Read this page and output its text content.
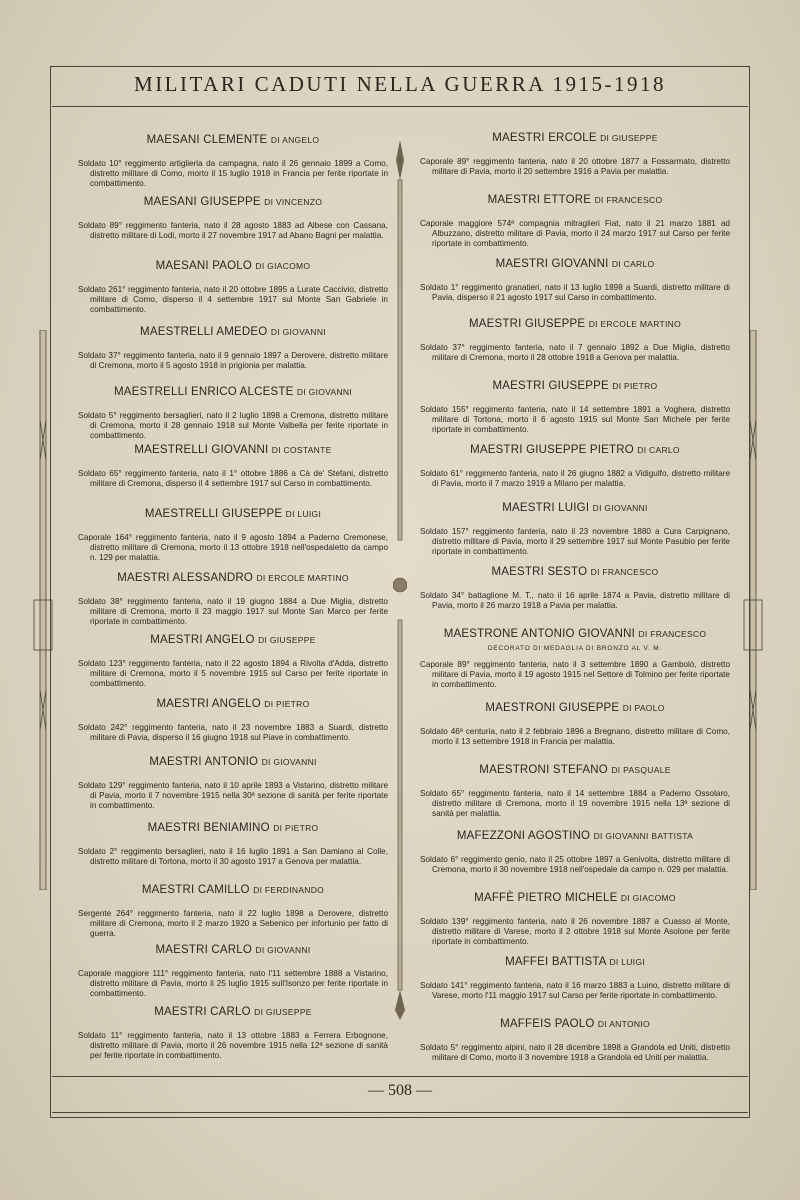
MILITARI CADUTI NELLA GUERRA 1915-1918
MAESANI CLEMENTE DI ANGELO
Soldato 10° reggimento artiglieria da campagna, nato il 26 gennaio 1899 a Como, distretto militare di Como, morto il 15 luglio 1918 in Francia per ferite riportate in combattimento.
MAESANI GIUSEPPE DI VINCENZO
Soldato 89° reggimento fanteria, nato il 28 agosto 1883 ad Albese con Cassana, distretto militare di Lodi, morto il 27 novembre 1917 ad Abano Bagni per malattia.
MAESANI PAOLO DI GIACOMO
Soldato 261° reggimento fanteria, nato il 20 ottobre 1895 a Lurate Caccivio, distretto militare di Como, disperso il 4 settembre 1917 sul Monte San Gabriele in combattimento.
MAESTRELLI AMEDEO DI GIOVANNI
Soldato 37° reggimento fanteria, nato il 9 gennaio 1897 a Derovere, distretto militare di Cremona, morto il 5 agosto 1918 in prigionia per malattia.
MAESTRELLI ENRICO ALCESTE DI GIOVANNI
Soldato 5° reggimento bersaglieri, nato il 2 luglio 1898 a Cremona, distretto militare di Cremona, morto il 28 gennaio 1918 sul Monte Valbella per ferite riportate in combattimento.
MAESTRELLI GIOVANNI DI COSTANTE
Soldato 65° reggimento fanteria, nato il 1° ottobre 1886 a Cà de' Stefani, distretto militare di Cremona, disperso il 4 settembre 1917 sul Carso in combattimento.
MAESTRELLI GIUSEPPE DI LUIGI
Caporale 164° reggimento fanteria, nato il 9 agosto 1894 a Paderno Cremonese, distretto militare di Cremona, morto il 13 ottobre 1918 nell'ospedaletto da campo n. 129 per malattia.
MAESTRI ALESSANDRO DI ERCOLE MARTINO
Soldato 38° reggimento fanteria, nato il 19 giugno 1884 a Due Miglia, distretto militare di Cremona, morto il 23 maggio 1917 sul Monte San Marco per ferite riportate in combattimento.
MAESTRI ANGELO DI GIUSEPPE
Soldato 123° reggimento fanteria, nato il 22 agosto 1894 a Rivolta d'Adda, distretto militare di Cremona, morto il 5 novembre 1915 sul Carso per ferite riportate in combattimento.
MAESTRI ANGELO DI PIETRO
Soldato 242° reggimento fanteria, nato il 23 novembre 1883 a Suardi, distretto militare di Pavia, disperso il 16 giugno 1918 sul Piave in combattimento.
MAESTRI ANTONIO DI GIOVANNI
Soldato 129° reggimento fanteria, nato il 10 aprile 1893 a Vistarino, distretto militare di Pavia, morto il 7 novembre 1915 nella 30ª sezione di sanità per ferite riportate in combattimento.
MAESTRI BENIAMINO DI PIETRO
Soldato 2° reggimento bersaglieri, nato il 16 luglio 1891 a San Damiano al Colle, distretto militare di Tortona, morto il 30 agosto 1917 a Genova per malattia.
MAESTRI CAMILLO DI FERDINANDO
Sergente 264° reggimento fanteria, nato il 22 luglio 1898 a Derovere, distretto militare di Cremona, morto il 2 marzo 1920 a Sebenico per infortunio per fatto di guerra.
MAESTRI CARLO DI GIOVANNI
Caporale maggiore 111° reggimento fanteria, nato l'11 settembre 1888 a Vistarino, distretto militare di Pavia, morto il 25 luglio 1915 sull'Isonzo per ferite riportate in combattimento.
MAESTRI CARLO DI GIUSEPPE
Soldato 11° reggimento fanteria, nato il 13 ottobre 1883 a Ferrera Erbognone, distretto militare di Pavia, morto il 26 novembre 1915 nella 12ª sezione di sanità per ferite riportate in combattimento.
MAESTRI ERCOLE DI GIUSEPPE
Caporale 89° reggimento fanteria, nato il 20 ottobre 1877 a Fossarmato, distretto militare di Pavia, morto il 20 settembre 1916 a Pavia per malattia.
MAESTRI ETTORE DI FRANCESCO
Caporale maggiore 574ª compagnia mitraglieri Fiat, nato il 21 marzo 1881 ad Albuzzano, distretto militare di Pavia, morto il 24 marzo 1917 sul Carso per ferite riportate in combattimento.
MAESTRI GIOVANNI DI CARLO
Soldato 1° reggimento granatieri, nato il 13 luglio 1898 a Suardi, distretto militare di Pavia, disperso il 21 agosto 1917 sul Carso in combattimento.
MAESTRI GIUSEPPE DI ERCOLE MARTINO
Soldato 37° reggimento fanteria, nato il 7 gennaio 1892 a Due Miglia, distretto militare di Cremona, morto il 28 ottobre 1918 a Genova per malattia.
MAESTRI GIUSEPPE DI PIETRO
Soldato 155° reggimento fanteria, nato il 14 settembre 1891 a Voghera, distretto militare di Tortona, morto il 6 agosto 1915 sul Monte San Michele per ferite riportate in combattimento.
MAESTRI GIUSEPPE PIETRO DI CARLO
Soldato 61° reggimento fanteria, nato il 26 giugno 1882 a Vidigulfo, distretto militare di Pavia, morto il 7 marzo 1919 a Milano per malattia.
MAESTRI LUIGI DI GIOVANNI
Soldato 157° reggimento fanteria, nato il 23 novembre 1880 a Cura Carpignano, distretto militare di Pavia, morto il 29 settembre 1917 sul Monte Pasubio per ferite riportate in combattimento.
MAESTRI SESTO DI FRANCESCO
Soldato 34° battaglione M. T., nato il 16 aprile 1874 a Pavia, distretto militare di Pavia, morto il 26 marzo 1918 a Pavia per malattia.
MAESTRONE ANTONIO GIOVANNI DI FRANCESCO
DECORATO DI MEDAGLIA DI BRONZO AL V. M.
Caporale 89° reggimento fanteria, nato il 3 settembre 1890 a Gambolò, distretto militare di Pavia, morto il 19 agosto 1915 nel Settore di Tolmino per ferite riportate in combattimento.
MAESTRONI GIUSEPPE DI PAOLO
Soldato 46ª centuria, nato il 2 febbraio 1896 a Bregnano, distretto militare di Como, morto il 13 settembre 1918 in Francia per malattia.
MAESTRONI STEFANO DI PASQUALE
Soldato 65° reggimento fanteria, nato il 14 settembre 1884 a Paderno Ossolaro, distretto militare di Cremona, morto il 19 novembre 1915 nella 13ª sezione di sanità per malattia.
MAFEZZONI AGOSTINO DI GIOVANNI BATTISTA
Soldato 6° reggimento genio, nato il 25 ottobre 1897 a Genivolta, distretto militare di Cremona, morto il 30 novembre 1918 nell'ospedale da campo n. 029 per malattia.
MAFFÈ PIETRO MICHELE DI GIACOMO
Soldato 139° reggimento fanteria, nato il 26 novembre 1887 a Cuasso al Monte, distretto militare di Varese, morto il 2 ottobre 1918 sul Monte Asolone per ferite riportate in combattimento.
MAFFEI BATTISTA DI LUIGI
Soldato 141° reggimento fanteria, nato il 16 marzo 1883 a Luino, distretto militare di Varese, morto l'11 maggio 1917 sul Carso per ferite riportate in combattimento.
MAFFEIS PAOLO DI ANTONIO
Soldato 5° reggimento alpini, nato il 28 dicembre 1898 a Grandola ed Uniti, distretto militare di Como, morto il 3 novembre 1918 a Grandola ed Uniti per malattia.
— 508 —
